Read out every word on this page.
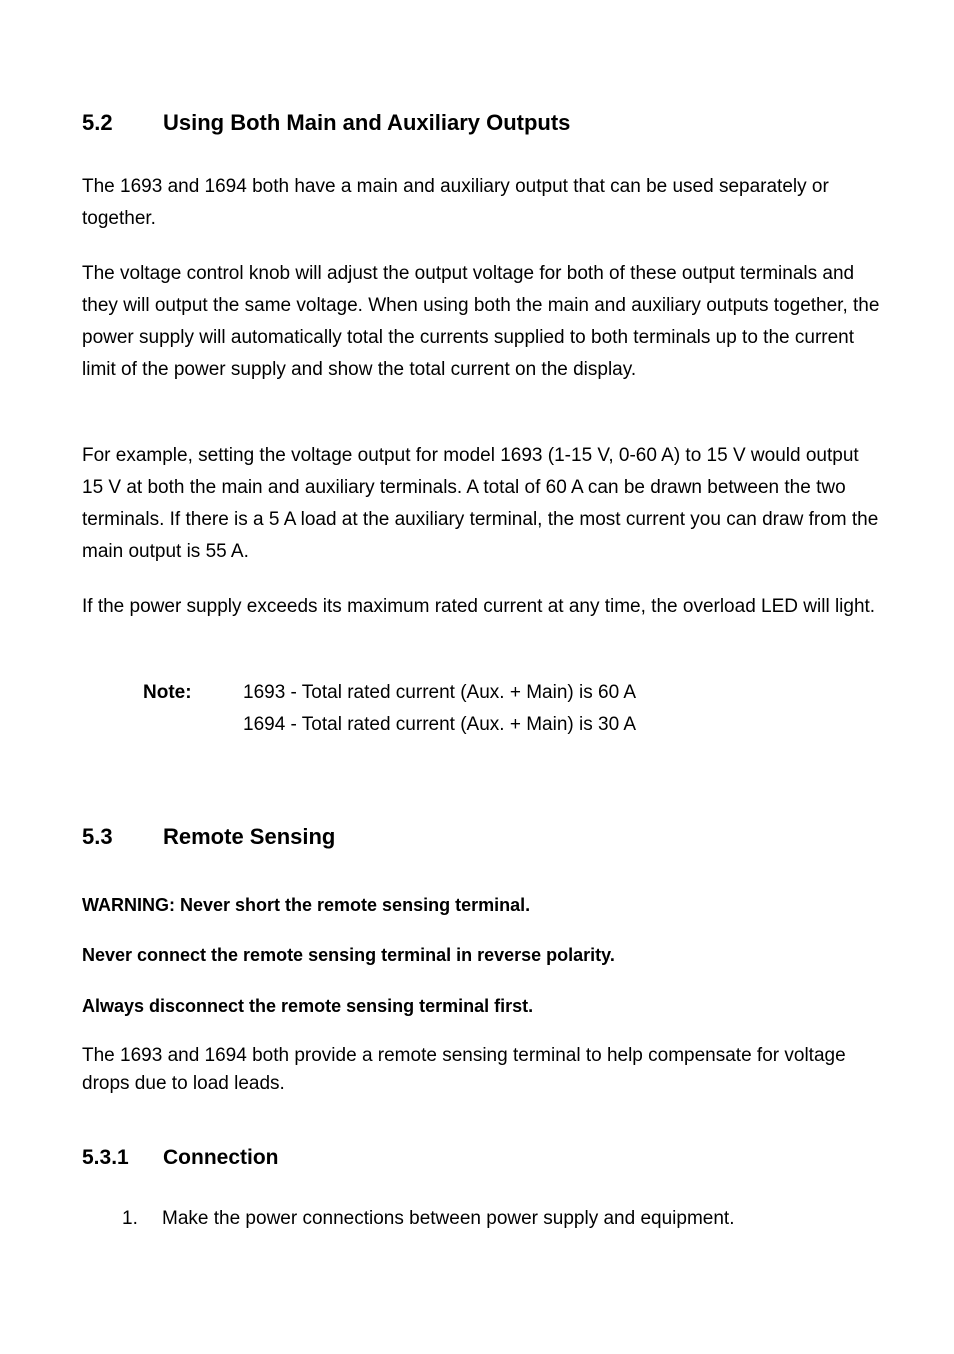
5.2 Using Both Main and Auxiliary Outputs
The 1693 and 1694 both have a main and auxiliary output that can be used separately or together.
The voltage control knob will adjust the output voltage for both of these output terminals and they will output the same voltage. When using both the main and auxiliary outputs together, the power supply will automatically total the currents supplied to both terminals up to the current limit of the power supply and show the total current on the display.
For example, setting the voltage output for model 1693 (1-15 V, 0-60 A) to 15 V would output 15 V at both the main and auxiliary terminals. A total of 60 A can be drawn between the two terminals. If there is a 5 A load at the auxiliary terminal, the most current you can draw from the main output is 55 A.
If the power supply exceeds its maximum rated current at any time, the overload LED will light.
Note:	1693 - Total rated current (Aux. + Main) is 60 A
1694 - Total rated current (Aux. + Main) is 30 A
5.3 Remote Sensing
WARNING: Never short the remote sensing terminal.
Never connect the remote sensing terminal in reverse polarity.
Always disconnect the remote sensing terminal first.
The 1693 and 1694 both provide a remote sensing terminal to help compensate for voltage drops due to load leads.
5.3.1 Connection
1. Make the power connections between power supply and equipment.
